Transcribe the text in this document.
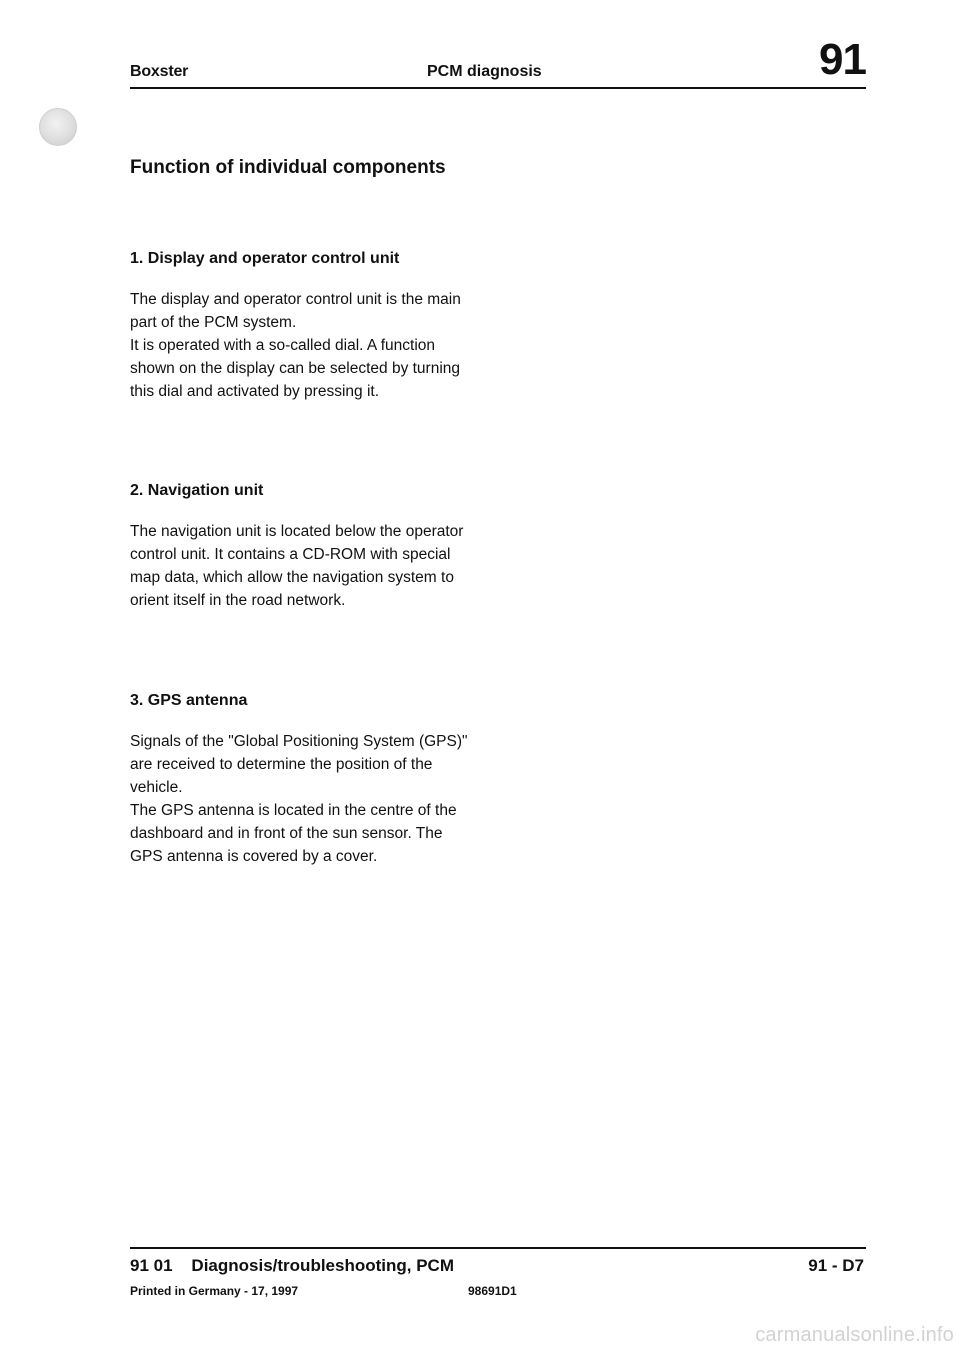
Boxster	PCM diagnosis	91
Function of individual components
1. Display and operator control unit

The display and operator control unit is the main part of the PCM system.

It is operated with a so-called dial. A function shown on the display can be selected by turning this dial and activated by pressing it.

2. Navigation unit

The navigation unit is located below the operator control unit. It contains a CD-ROM with special map data, which allow the navigation system to orient itself in the road network.

3. GPS antenna

Signals of the "Global Positioning System (GPS)" are received to determine the position of the vehicle.

The GPS antenna is located in the centre of the dashboard and in front of the sun sensor. The GPS antenna is covered by a cover.

91 01    Diagnosis/troubleshooting, PCM	91 - D7
Printed in Germany - 17, 1997	98691D1
carmanualsonline.info
